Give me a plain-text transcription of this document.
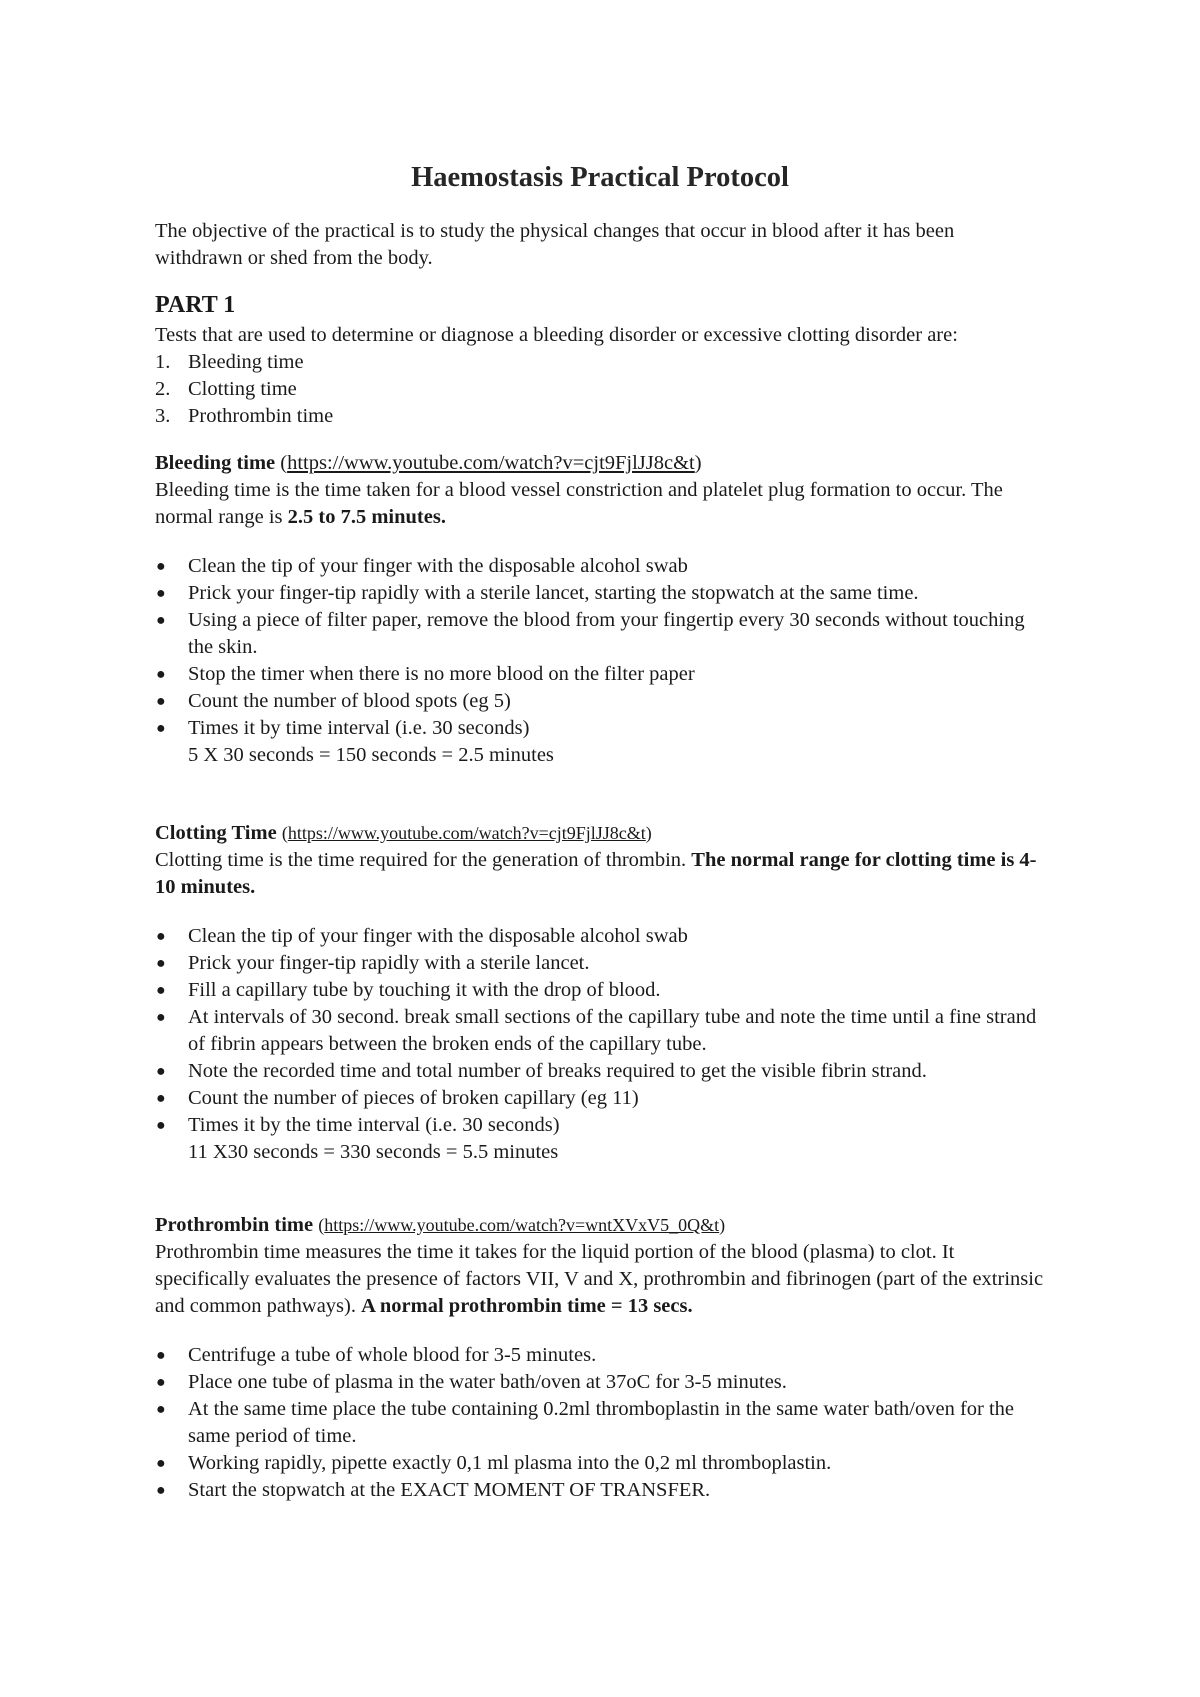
Haemostasis Practical Protocol

The objective of the practical is to study the physical changes that occur in blood after it has been withdrawn or shed from the body.

PART 1

Tests that are used to determine or diagnose a bleeding disorder or excessive clotting disorder are:

1. Bleeding time
2. Clotting time
3. Prothrombin time
Bleeding time (https://www.youtube.com/watch?v=cjt9FjlJJ8c&t)

Bleeding time is the time taken for a blood vessel constriction and platelet plug formation to occur. The normal range is 2.5 to 7.5 minutes.

● Clean the tip of your finger with the disposable alcohol swab
● Prick your finger-tip rapidly with a sterile lancet, starting the stopwatch at the same time.
● Using a piece of filter paper, remove the blood from your fingertip every 30 seconds without touching the skin.
● Stop the timer when there is no more blood on the filter paper
● Count the number of blood spots (eg 5)
● Times it by time interval (i.e. 30 seconds)
5 X 30 seconds = 150 seconds = 2.5 minutes
Clotting Time (https://www.youtube.com/watch?v=cjt9FjlJJ8c&t)

Clotting time is the time required for the generation of thrombin. The normal range for clotting time is 4-10 minutes.

● Clean the tip of your finger with the disposable alcohol swab
● Prick your finger-tip rapidly with a sterile lancet.
● Fill a capillary tube by touching it with the drop of blood.
● At intervals of 30 second. break small sections of the capillary tube and note the time until a fine strand of fibrin appears between the broken ends of the capillary tube.
● Note the recorded time and total number of breaks required to get the visible fibrin strand.
● Count the number of pieces of broken capillary (eg 11)
● Times it by the time interval (i.e. 30 seconds)
11 X30 seconds = 330 seconds = 5.5 minutes
Prothrombin time (https://www.youtube.com/watch?v=wntXVxV5_0Q&t)

Prothrombin time measures the time it takes for the liquid portion of the blood (plasma) to clot. It specifically evaluates the presence of factors VII, V and X, prothrombin and fibrinogen (part of the extrinsic and common pathways). A normal prothrombin time = 13 secs.

● Centrifuge a tube of whole blood for 3-5 minutes.
● Place one tube of plasma in the water bath/oven at 37oC for 3-5 minutes.
● At the same time place the tube containing 0.2ml thromboplastin in the same water bath/oven for the same period of time.
● Working rapidly, pipette exactly 0,1 ml plasma into the 0,2 ml thromboplastin.
● Start the stopwatch at the EXACT MOMENT OF TRANSFER.
